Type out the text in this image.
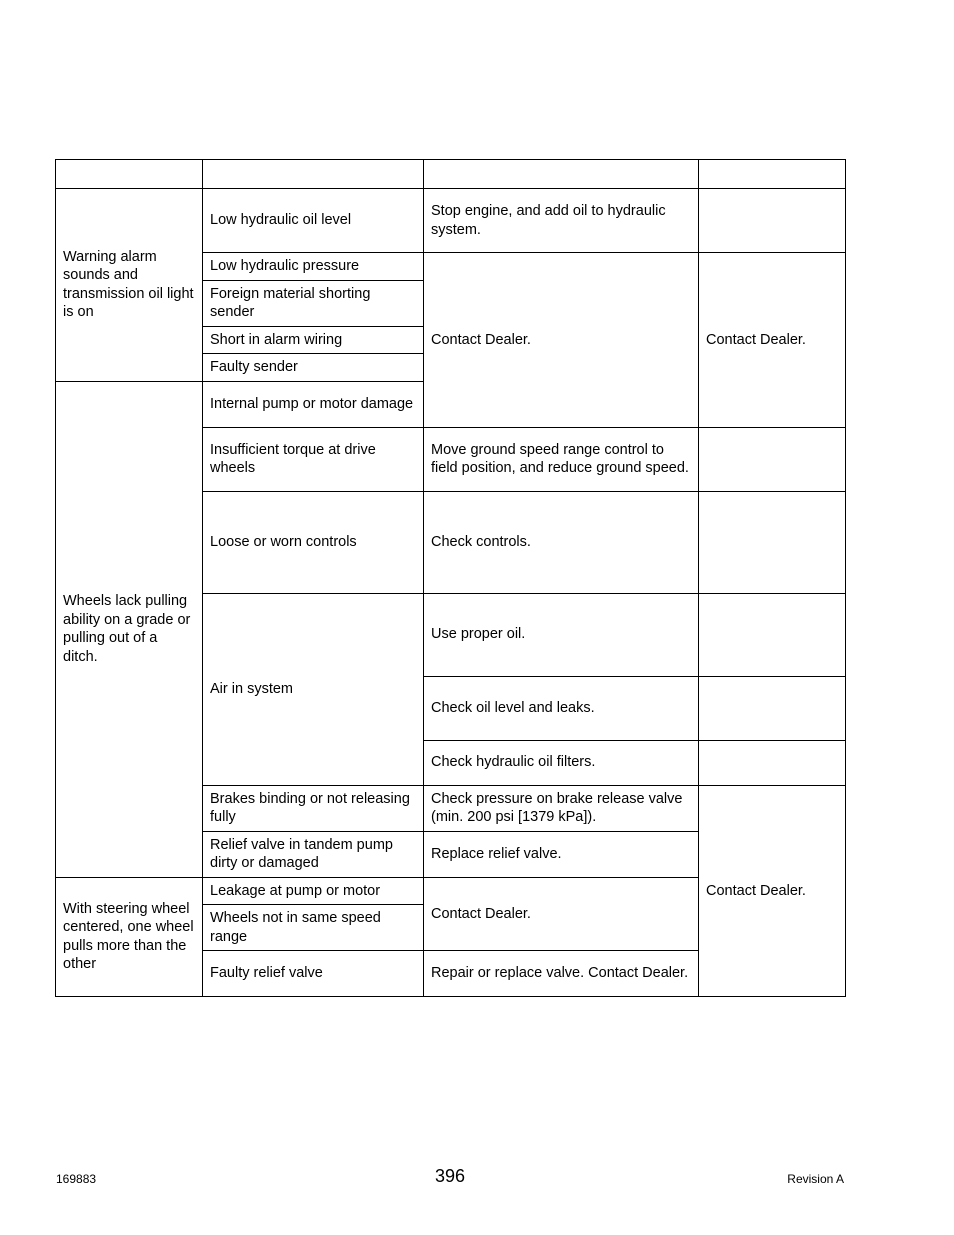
Warning alarm sounds and transmission oil light is on	Low hydraulic oil level	Stop engine, and add oil to hydraulic system.	
	Low hydraulic pressure	Contact Dealer.	Contact Dealer.
	Foreign material shorting sender		
	Short in alarm wiring		
	Faulty sender		
Wheels lack pulling ability on a grade or pulling out of a ditch.	Internal pump or motor damage		
	Insufficient torque at drive wheels	Move ground speed range control to field position, and reduce ground speed.	
	Loose or worn controls	Check controls.	
	Air in system	Use proper oil.	
		Check oil level and leaks.	
		Check hydraulic oil filters.	
	Brakes binding or not releasing fully	Check pressure on brake release valve (min. 200 psi [1379 kPa]).	Contact Dealer.
	Relief valve in tandem pump dirty or damaged	Replace relief valve.	
With steering wheel centered, one wheel pulls more than the other	Leakage at pump or motor	Contact Dealer.	
	Wheels not in same speed range		
	Faulty relief valve	Repair or replace valve. Contact Dealer.	
169883	396	Revision A
